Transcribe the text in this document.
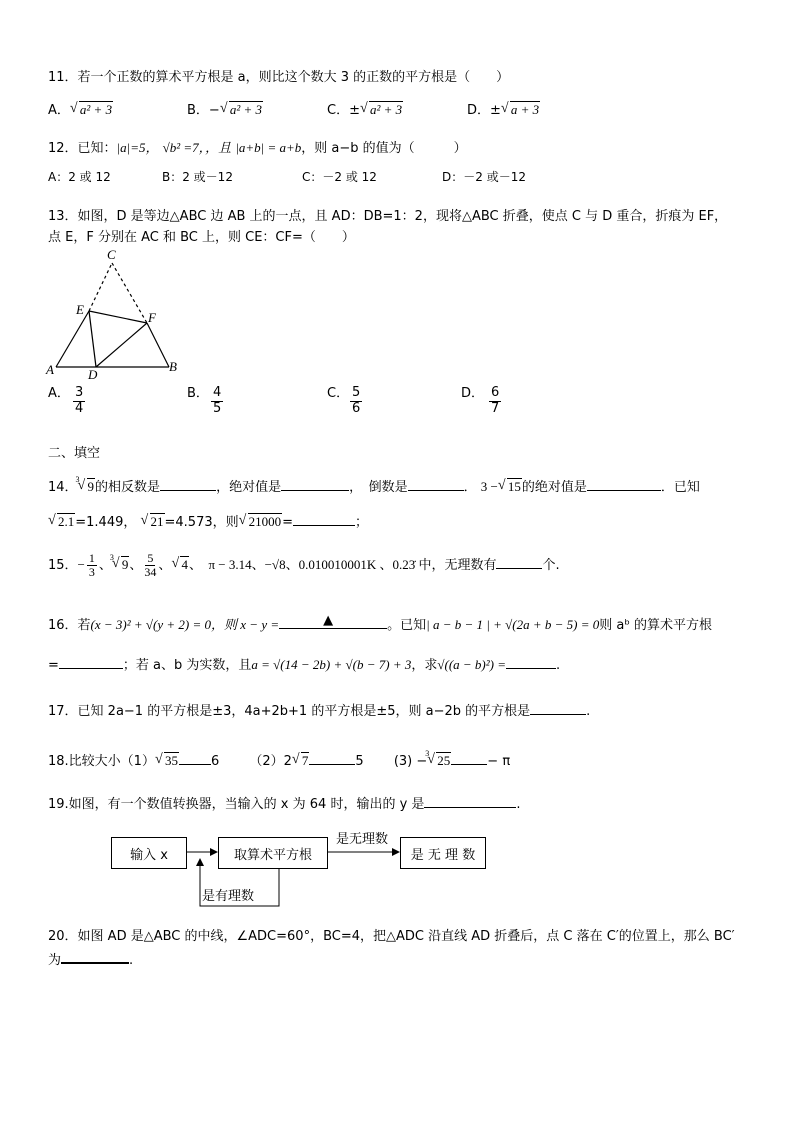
11．若一个正数的算术平方根是 a，则比这个数大 3 的正数的平方根是（　　）
A． √ a² + 3	B．− √ a² + 3	C．± √ a² + 3	D．± √ a + 3
12．已知：|a|=5， √b² =7，，且 |a+b| = a+b，则 a−b 的值为（　　　）
A：2 或 12	B：2 或－12	C：－2 或 12	D：－2 或－12
13．如图，D 是等边△ABC 边 AB 上的一点，且 AD：DB=1：2，现将△ABC 折叠，使点 C 与 D 重合，折痕为 EF，
点 E，F 分别在 AC 和 BC 上，则 CE：CF=（　　）
C
E
F
A	D
B
A． 3
4
B． 4
5
C． 5
6
D． 6
7
二、填空
14．
√ 3 9的相反数是	，绝对值是	，　倒数是	． 3 − √ 15的绝对值是	．已知
√ 2.1=1.449， √ 21=4.573，则 √ 21000=	；
15．− $\frac{1}{3}$ 、
√ 3 9、 $\frac{5}{34}$ 、 √ 4、　π − 3.14、−√8、0.010010001K 、0.23̇ 中，无理数有	个.
16．若(x − 3)² + √(y + 2) = 0，则 x − y =	▲	。已知| a − b − 1 | + √(2a + b − 5) = 0则 aᵇ 的算术平方根
=	；若 a、b 为实数，且a = √(14 − 2b) + √(b − 7) + 3，求√((a − b)²) =	.
17．已知 2a−1 的平方根是±3，4a+2b+1 的平方根是±5，则 a−2b 的平方根是	.
18.比较大小（1） √ 35	6 （2）2 √ 7	5 (3) −
√ 3 25	− π
19.如图，有一个数值转换器，当输入的 x 为 64 时，输出的 y 是	.
输入 x	取算术平方根	是 无 理 数
是无理数
是有理数
20．如图 AD 是△ABC 的中线，∠ADC=60°，BC=4，把△ADC 沿直线 AD 折叠后，点 C 落在 C′的位置上，那么 BC′
为	.
